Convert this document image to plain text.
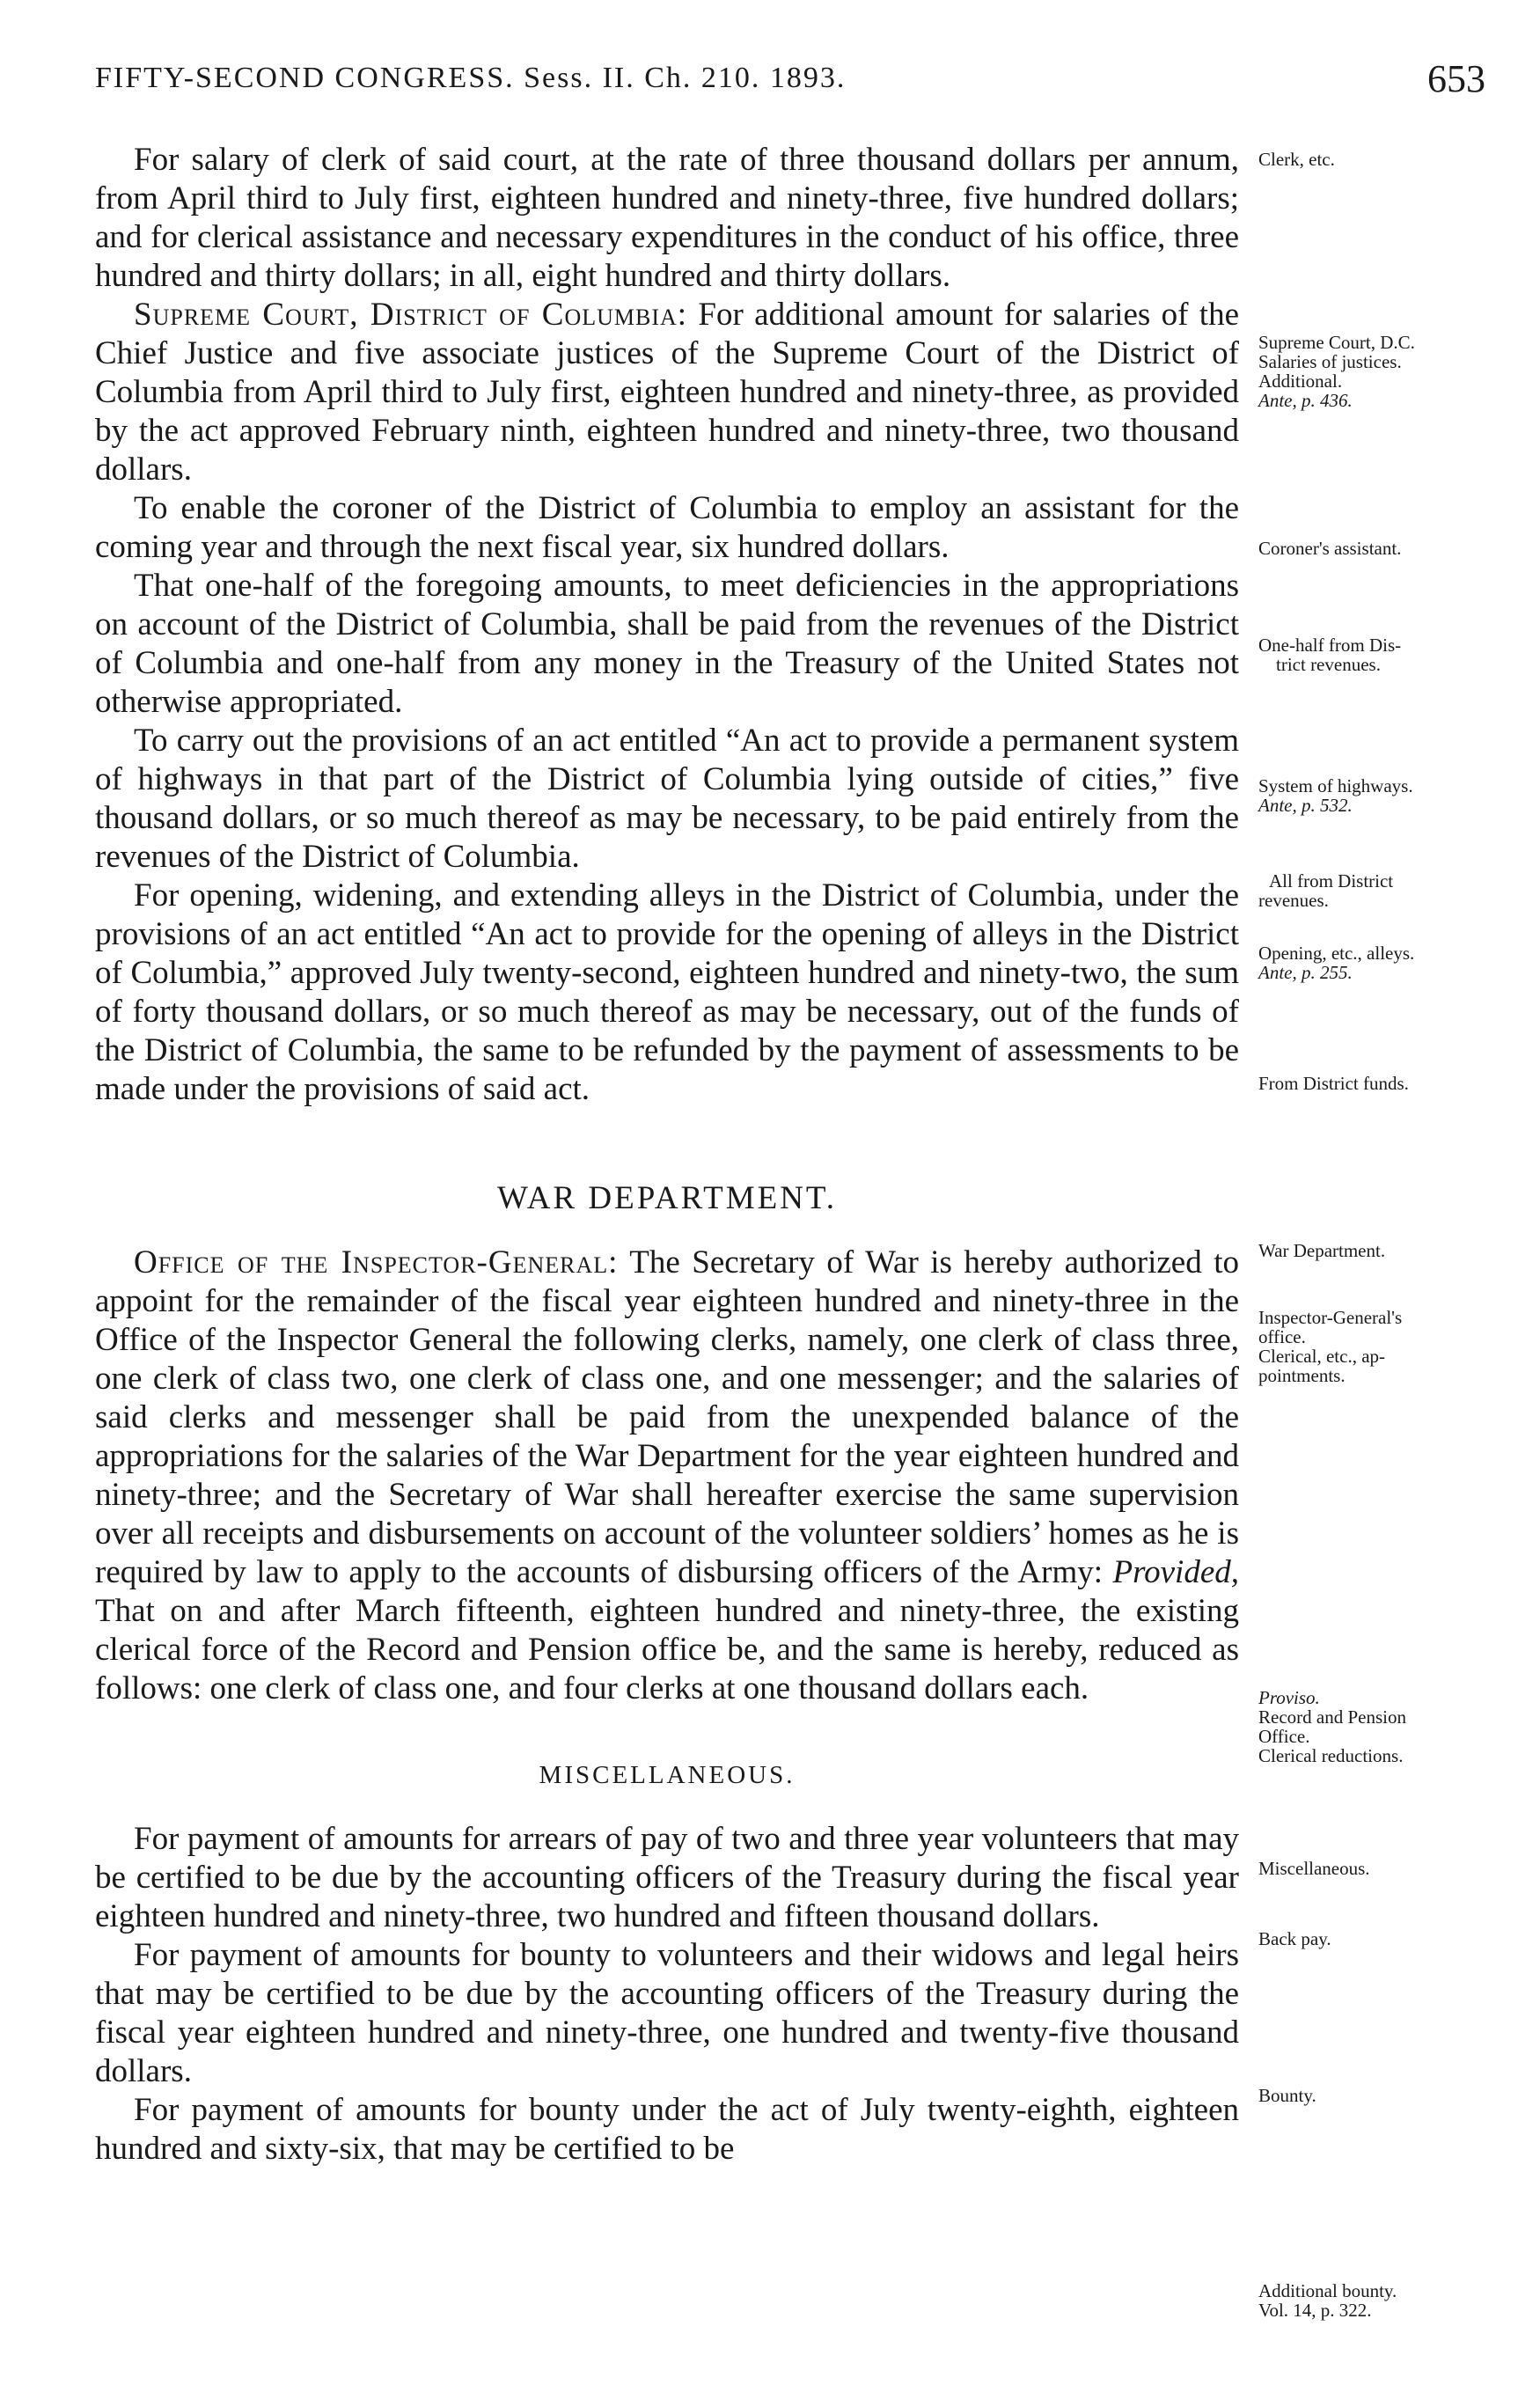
FIFTY-SECOND CONGRESS. Sess. II. Ch. 210. 1893.	653

For salary of clerk of said court, at the rate of three thousand dollars per annum, from April third to July first, eighteen hundred and ninety-three, five hundred dollars; and for clerical assistance and necessary expenditures in the conduct of his office, three hundred and thirty dollars; in all, eight hundred and thirty dollars.

Supreme Court, District of Columbia: For additional amount for salaries of the Chief Justice and five associate justices of the Supreme Court of the District of Columbia from April third to July first, eighteen hundred and ninety-three, as provided by the act approved February ninth, eighteen hundred and ninety-three, two thousand dollars.

To enable the coroner of the District of Columbia to employ an assistant for the coming year and through the next fiscal year, six hundred dollars.

That one-half of the foregoing amounts, to meet deficiencies in the appropriations on account of the District of Columbia, shall be paid from the revenues of the District of Columbia and one-half from any money in the Treasury of the United States not otherwise appropriated.

To carry out the provisions of an act entitled “An act to provide a permanent system of highways in that part of the District of Columbia lying outside of cities,” five thousand dollars, or so much thereof as may be necessary, to be paid entirely from the revenues of the District of Columbia.

For opening, widening, and extending alleys in the District of Columbia, under the provisions of an act entitled “An act to provide for the opening of alleys in the District of Columbia,” approved July twenty-second, eighteen hundred and ninety-two, the sum of forty thousand dollars, or so much thereof as may be necessary, out of the funds of the District of Columbia, the same to be refunded by the payment of assessments to be made under the provisions of said act.

WAR DEPARTMENT.

Office of the Inspector-General: The Secretary of War is hereby authorized to appoint for the remainder of the fiscal year eighteen hundred and ninety-three in the Office of the Inspector General the following clerks, namely, one clerk of class three, one clerk of class two, one clerk of class one, and one messenger; and the salaries of said clerks and messenger shall be paid from the unexpended balance of the appropriations for the salaries of the War Department for the year eighteen hundred and ninety-three; and the Secretary of War shall hereafter exercise the same supervision over all receipts and disbursements on account of the volunteer soldiers’ homes as he is required by law to apply to the accounts of disbursing officers of the Army: Provided, That on and after March fifteenth, eighteen hundred and ninety-three, the existing clerical force of the Record and Pension office be, and the same is hereby, reduced as follows: one clerk of class one, and four clerks at one thousand dollars each.

MISCELLANEOUS.

For payment of amounts for arrears of pay of two and three year volunteers that may be certified to be due by the accounting officers of the Treasury during the fiscal year eighteen hundred and ninety-three, two hundred and fifteen thousand dollars.

For payment of amounts for bounty to volunteers and their widows and legal heirs that may be certified to be due by the accounting officers of the Treasury during the fiscal year eighteen hundred and ninety-three, one hundred and twenty-five thousand dollars.

For payment of amounts for bounty under the act of July twenty-eighth, eighteen hundred and sixty-six, that may be certified to be

Clerk, etc.

Supreme Court, D.C.
Salaries of justices.
Additional.
Ante, p. 436.

Coroner's assistant.

One-half from Dis-
trict revenues.

System of highways.
Ante, p. 532.

All from District
revenues.

Opening, etc., alleys.
Ante, p. 255.

From District funds.

War Department.

Inspector-General's
office.
Clerical, etc., ap-
pointments.

Proviso.
Record and Pension
Office.
Clerical reductions.

Miscellaneous.

Back pay.

Bounty.

Additional bounty.
Vol. 14, p. 322.
